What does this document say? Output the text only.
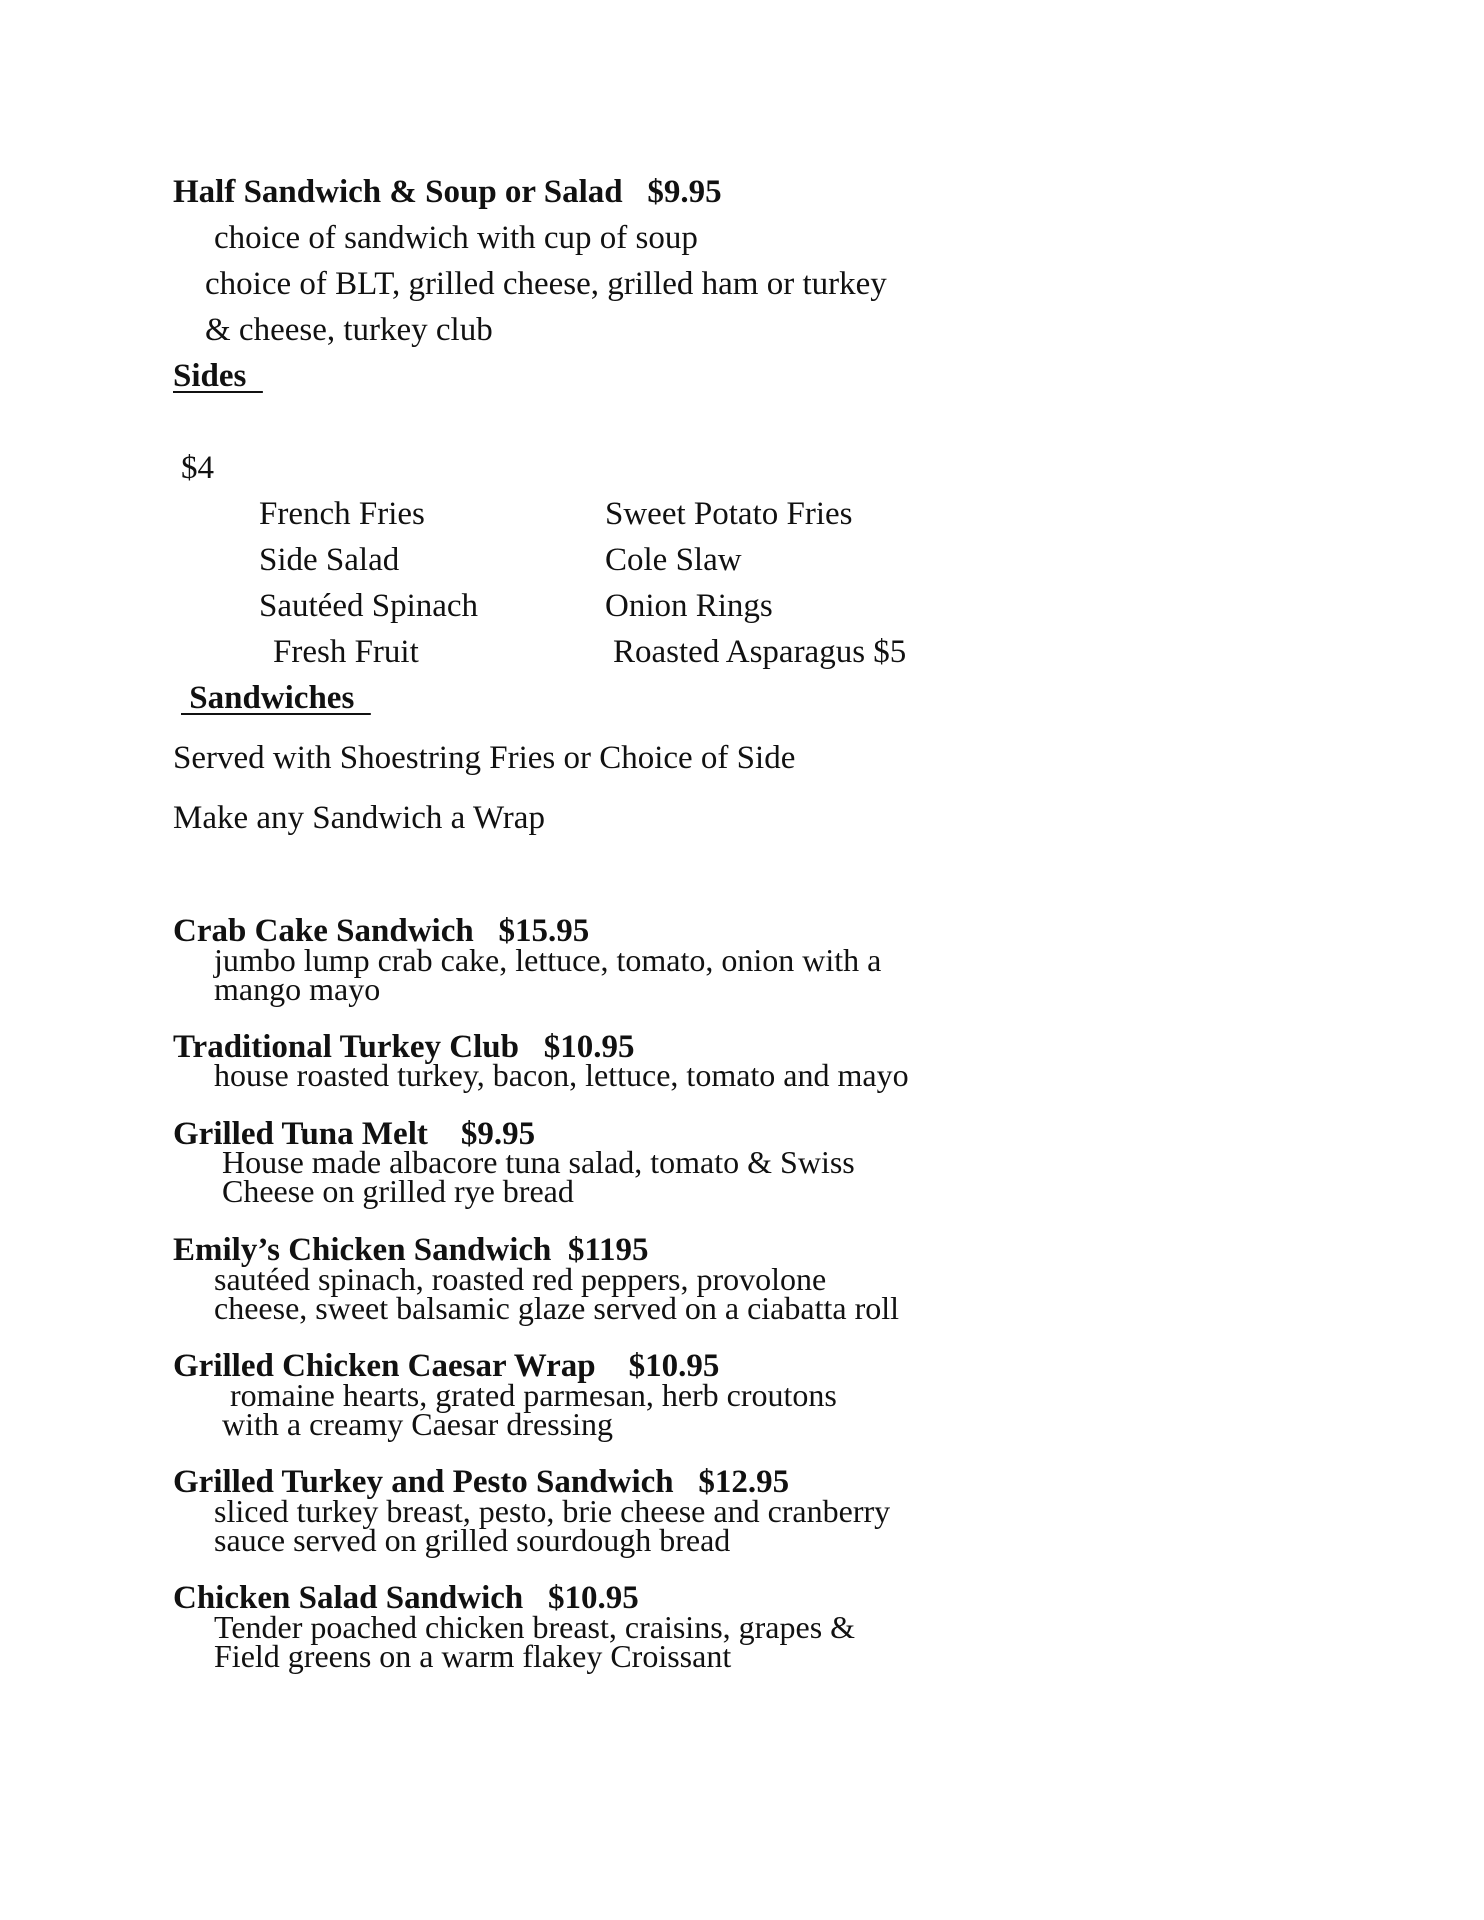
Half Sandwich & Soup or Salad   $9.95
choice of sandwich with cup of soup
choice of BLT, grilled cheese, grilled ham or turkey
& cheese, turkey club
Sides
$4
French Fries
Side Salad
Sautéed Spinach
Fresh Fruit
Sweet Potato Fries
Cole Slaw
Onion Rings
Roasted Asparagus $5
Sandwiches
Served with Shoestring Fries or Choice of Side
Make any Sandwich a Wrap
Crab Cake Sandwich   $15.95
jumbo lump crab cake, lettuce, tomato, onion with a
mango mayo
Traditional Turkey Club   $10.95
house roasted turkey, bacon, lettuce, tomato and mayo
Grilled Tuna Melt    $9.95
House made albacore tuna salad, tomato & Swiss
Cheese on grilled rye bread
Emily’s Chicken Sandwich  $1195
sautéed spinach, roasted red peppers, provolone
cheese, sweet balsamic glaze served on a ciabatta roll
Grilled Chicken Caesar Wrap    $10.95
romaine hearts, grated parmesan, herb croutons
with a creamy Caesar dressing
Grilled Turkey and Pesto Sandwich   $12.95
sliced turkey breast, pesto, brie cheese and cranberry
sauce served on grilled sourdough bread
Chicken Salad Sandwich   $10.95
Tender poached chicken breast, craisins, grapes &
Field greens on a warm flakey Croissant
